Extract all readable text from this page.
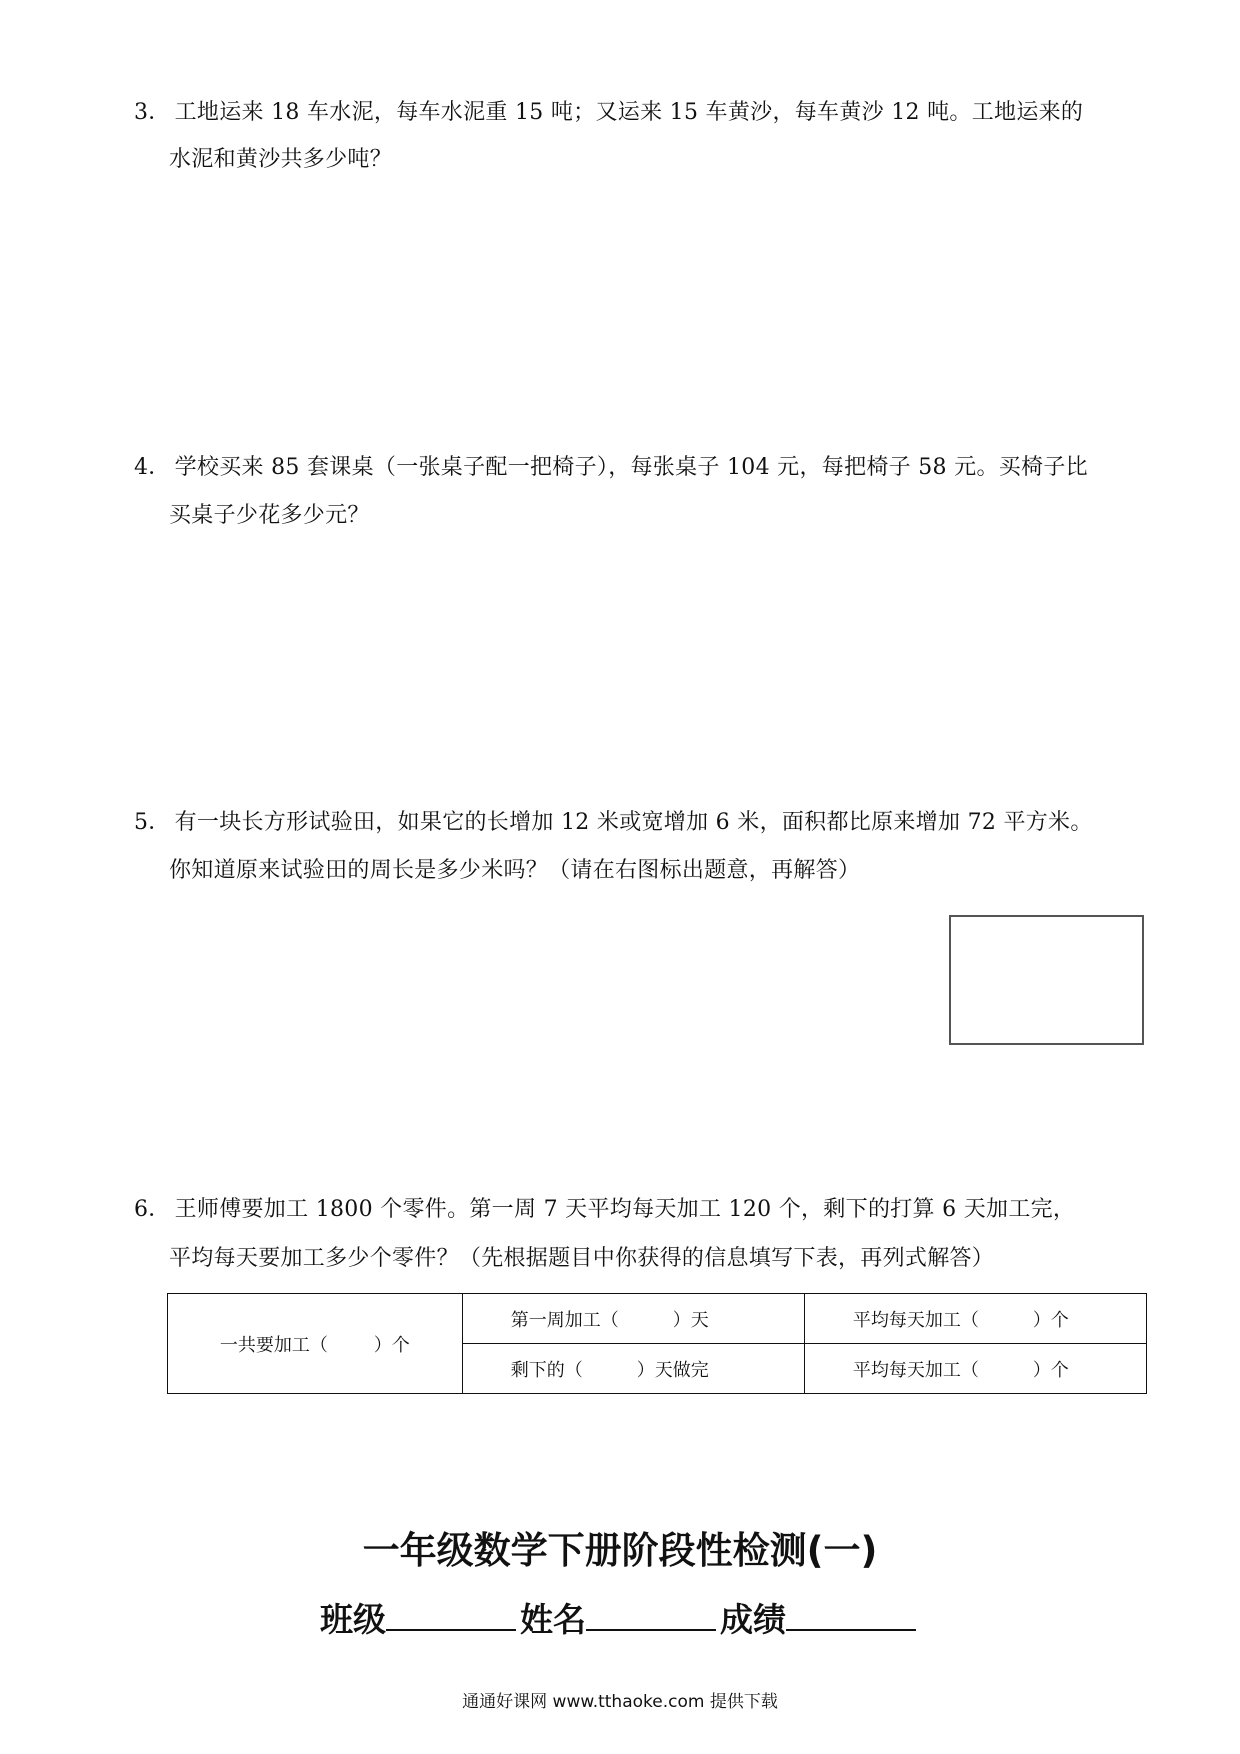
3． 工地运来 18 车水泥，每车水泥重 15 吨；又运来 15 车黄沙，每车黄沙 12 吨。工地运来的
水泥和黄沙共多少吨？
4． 学校买来 85 套课桌（一张桌子配一把椅子），每张桌子 104 元，每把椅子 58 元。买椅子比
买桌子少花多少元？
5． 有一块长方形试验田，如果它的长增加 12 米或宽增加 6 米，面积都比原来增加 72 平方米。
你知道原来试验田的周长是多少米吗？（请在右图标出题意，再解答）
6． 王师傅要加工 1800 个零件。第一周 7 天平均每天加工 120 个，剩下的打算 6 天加工完，
平均每天要加工多少个零件？（先根据题目中你获得的信息填写下表，再列式解答）
一共要加工（ ）个	第一周加工（ ）天	平均每天加工（ ）个
	剩下的（ ）天做完	平均每天加工（ ）个
一年级数学下册阶段性检测(一)
班级	姓名	成绩
通通好课网 www.tthaoke.com 提供下载
